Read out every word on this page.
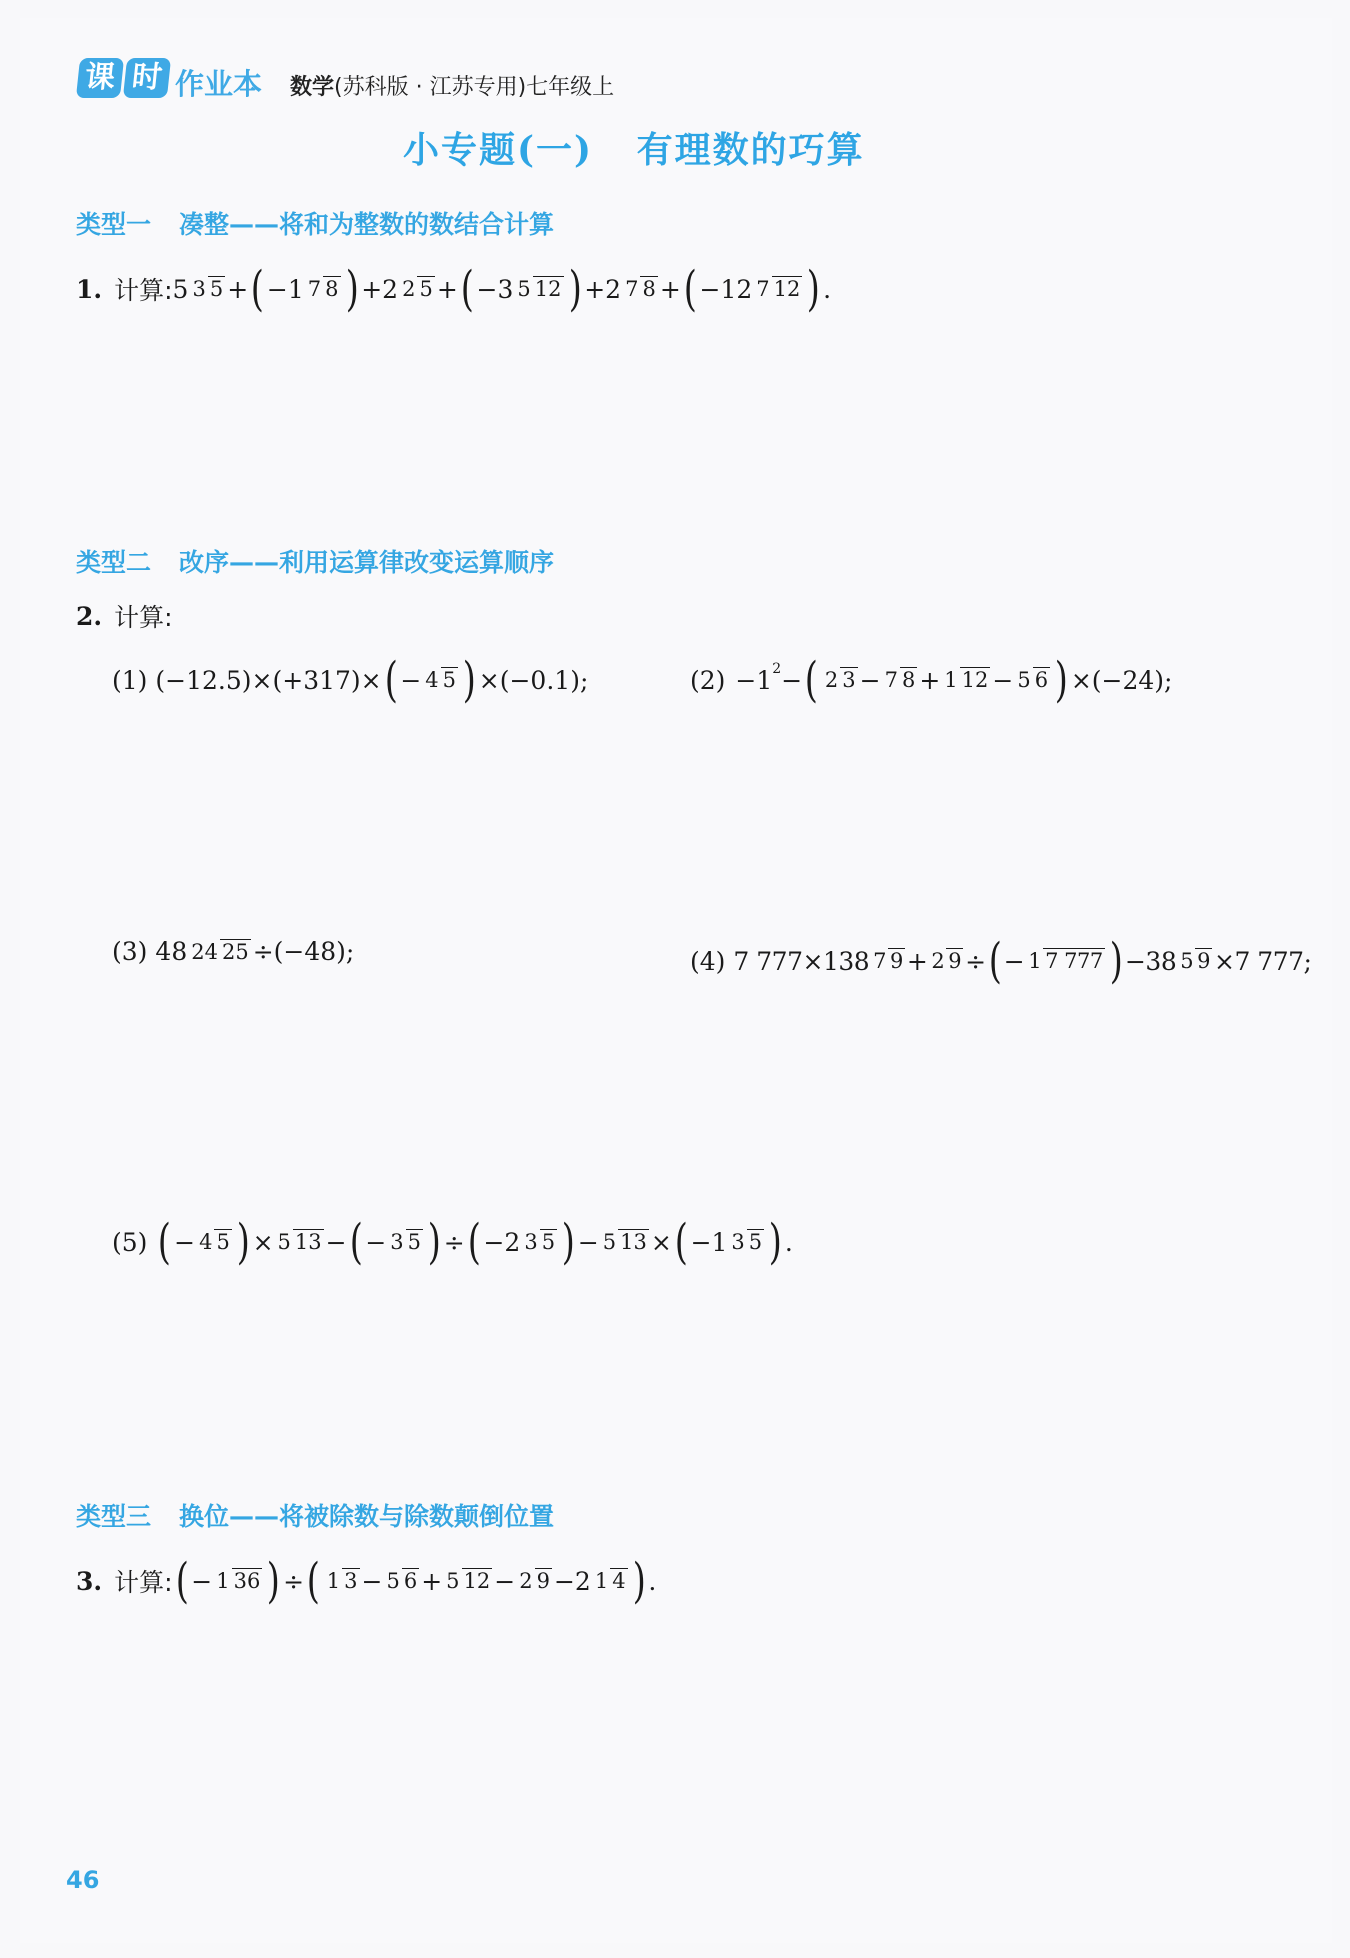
课 时 作业本 数学(苏科版 · 江苏专用)七年级上
小专题(一)   有理数的巧算
类型一 凑整——将和为整数的数结合计算
1. 计算: 5 3 5 + ( −1 7 8 ) +2 2 5 + ( −3 5 12 ) +2 7 8 + ( −12 7 12 ) .
类型二 改序——利用运算律改变运算顺序
2. 计算:
(1) (−12.5)×(+317)× ( − 4 5 ) ×(−0.1);	(2) −12− ( 2 3 − 7 8 + 1 12 − 5 6 ) ×(−24);
(3) 48 24 25 ÷(−48);	(4) 7 777×138 7 9 + 2 9 ÷ ( − 1 7 777 ) −38 5 9 ×7 777;
(5) ( − 4 5 ) × 5 13 − ( − 3 5 ) ÷ ( −2 3 5 ) − 5 13 × ( −1 3 5 ) .
类型三 换位——将被除数与除数颠倒位置
3. 计算: ( − 1 36 ) ÷ ( 1 3 − 5 6 + 5 12 − 2 9 −2 1 4 ) .
46
